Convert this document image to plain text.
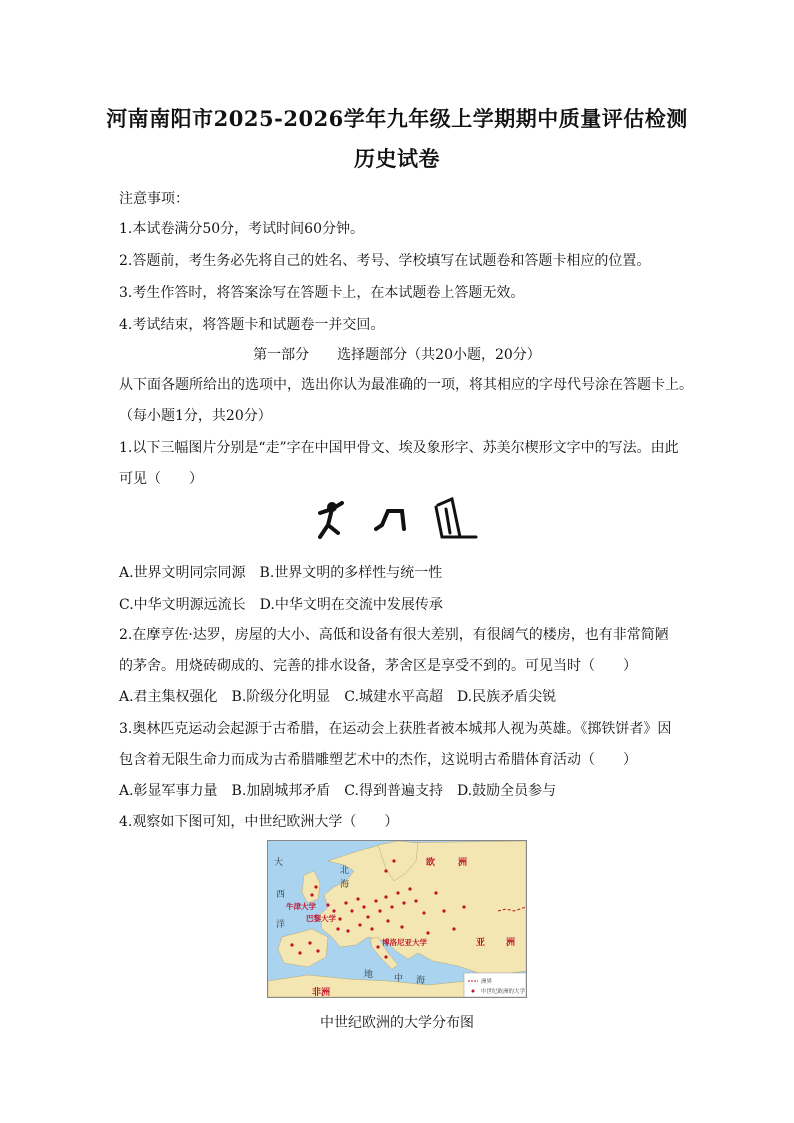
河南南阳市2025-2026学年九年级上学期期中质量评估检测
历史试卷
注意事项：
1.本试卷满分50分，考试时间60分钟。
2.答题前，考生务必先将自己的姓名、考号、学校填写在试题卷和答题卡相应的位置。
3.考生作答时，将答案涂写在答题卡上，在本试题卷上答题无效。
4.考试结束，将答题卡和试题卷一并交回。
第一部分　　选择题部分（共20小题，20分）
从下面各题所给出的选项中，选出你认为最准确的一项，将其相应的字母代号涂在答题卡上。
（每小题1分，共20分）
1.以下三幅图片分别是“走”字在中国甲骨文、埃及象形字、苏美尔楔形文字中的写法。由此
可见（　　）
A.世界文明同宗同源　B.世界文明的多样性与统一性
C.中华文明源远流长　D.中华文明在交流中发展传承
2.在摩亨佐·达罗，房屋的大小、高低和设备有很大差别，有很阔气的楼房，也有非常简陋
的茅舍。用烧砖砌成的、完善的排水设备，茅舍区是享受不到的。可见当时（　　）
A.君主集权强化　B.阶级分化明显　C.城建水平高超　D.民族矛盾尖锐
3.奥林匹克运动会起源于古希腊，在运动会上获胜者被本城邦人视为英雄。《掷铁饼者》因
包含着无限生命力而成为古希腊雕塑艺术中的杰作，这说明古希腊体育活动（　　）
A.彰显军事力量　B.加剧城邦矛盾　C.得到普遍支持　D.鼓励全员参与
4.观察如下图可知，中世纪欧洲大学（　　）
大
西
洋
北
海
地 中 海
欧	洲
亚 洲
非洲
牛津大学
巴黎大学
博洛尼亚大学
洲界
中世纪欧洲的大学
中世纪欧洲的大学分布图
